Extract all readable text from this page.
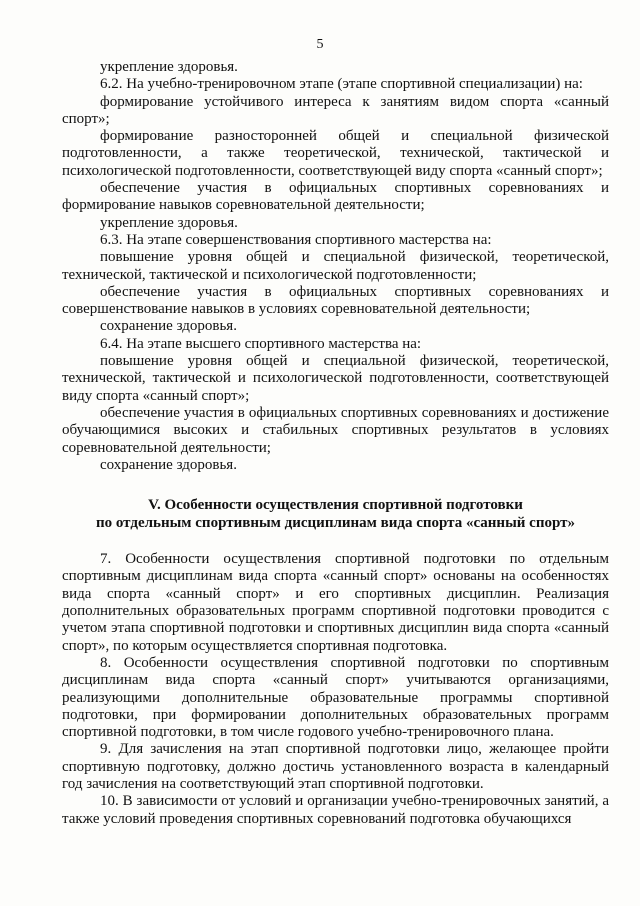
5

укрепление здоровья.

6.2. На учебно-тренировочном этапе (этапе спортивной специализации) на:

формирование устойчивого интереса к занятиям видом спорта «санный спорт»;

формирование разносторонней общей и специальной физической подготовленности, а также теоретической, технической, тактической и психологической подготовленности, соответствующей виду спорта «санный спорт»;

обеспечение участия в официальных спортивных соревнованиях и формирование навыков соревновательной деятельности;

укрепление здоровья.

6.3. На этапе совершенствования спортивного мастерства на:

повышение уровня общей и специальной физической, теоретической, технической, тактической и психологической подготовленности;

обеспечение участия в официальных спортивных соревнованиях и совершенствование навыков в условиях соревновательной деятельности;

сохранение здоровья.

6.4. На этапе высшего спортивного мастерства на:

повышение уровня общей и специальной физической, теоретической, технической, тактической и психологической подготовленности, соответствующей виду спорта «санный спорт»;

обеспечение участия в официальных спортивных соревнованиях и достижение обучающимися высоких и стабильных спортивных результатов в условиях соревновательной деятельности;

сохранение здоровья.

V. Особенности осуществления спортивной подготовки
по отдельным спортивным дисциплинам вида спорта «санный спорт»

7. Особенности осуществления спортивной подготовки по отдельным спортивным дисциплинам вида спорта «санный спорт» основаны на особенностях вида спорта «санный спорт» и его спортивных дисциплин. Реализация дополнительных образовательных программ спортивной подготовки проводится с учетом этапа спортивной подготовки и спортивных дисциплин вида спорта «санный спорт», по которым осуществляется спортивная подготовка.

8. Особенности осуществления спортивной подготовки по спортивным дисциплинам вида спорта «санный спорт» учитываются организациями, реализующими дополнительные образовательные программы спортивной подготовки, при формировании дополнительных образовательных программ спортивной подготовки, в том числе годового учебно-тренировочного плана.

9. Для зачисления на этап спортивной подготовки лицо, желающее пройти спортивную подготовку, должно достичь установленного возраста в календарный год зачисления на соответствующий этап спортивной подготовки.

10. В зависимости от условий и организации учебно-тренировочных занятий, а также условий проведения спортивных соревнований подготовка обучающихся
